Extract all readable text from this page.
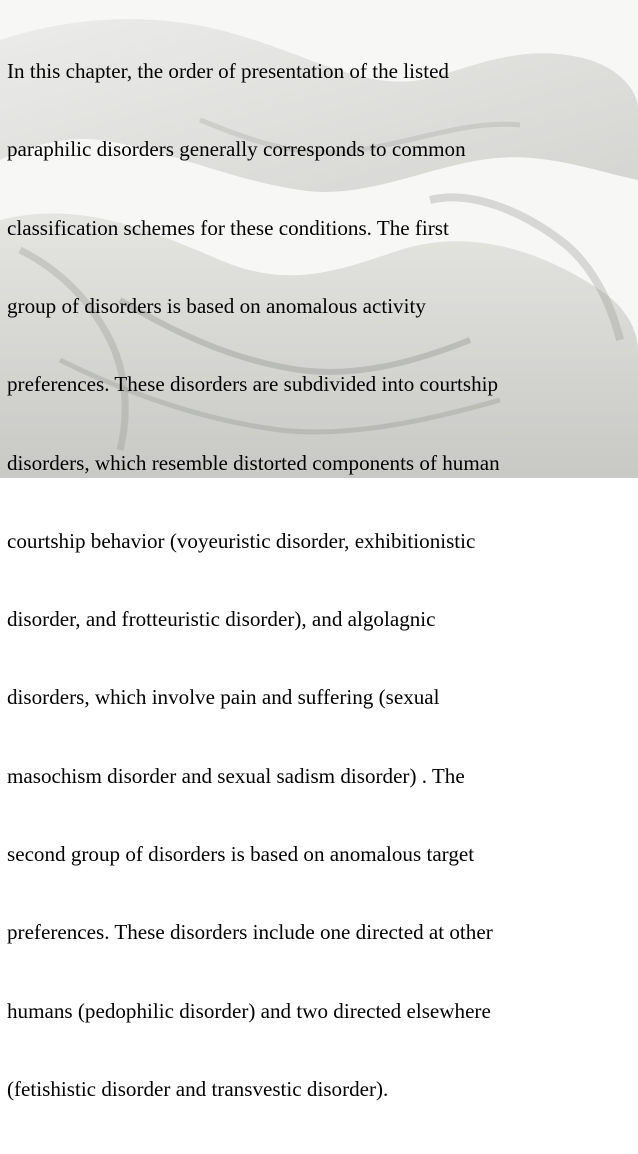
In this chapter, the order of presentation of the listed

paraphilic disorders generally corresponds to common

classification schemes for these conditions. The first

group of disorders is based on anomalous activity

preferences. These disorders are subdivided into courtship

disorders, which resemble distorted components of human

courtship behavior (voyeuristic disorder, exhibitionistic

disorder, and frotteuristic disorder), and algolagnic

disorders, which involve pain and suffering (sexual

masochism disorder and sexual sadism disorder) . The

second group of disorders is based on anomalous target

preferences. These disorders include one directed at other

humans (pedophilic disorder) and two directed elsewhere

(fetishistic disorder and transvestic disorder).
